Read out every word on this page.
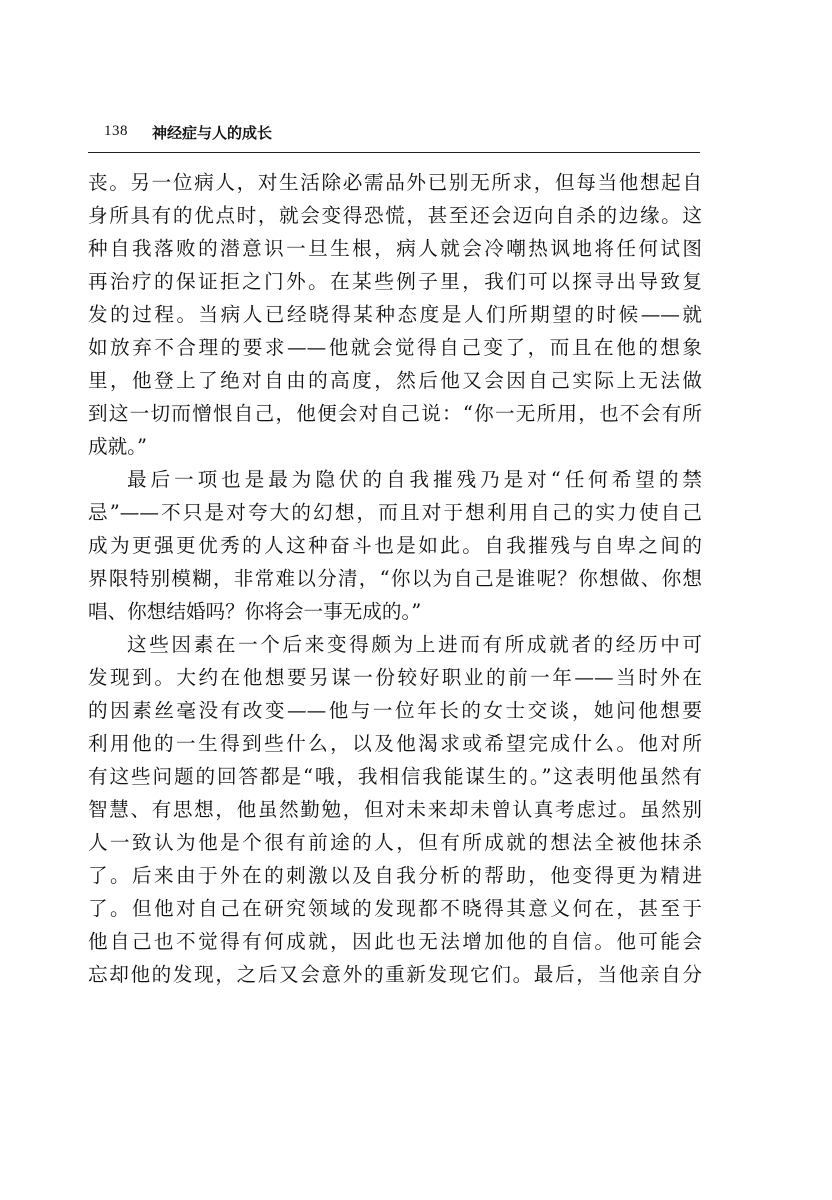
138 神经症与人的成长
丧。另一位病人，对生活除必需品外已别无所求，但每当他想起自
身所具有的优点时，就会变得恐慌，甚至还会迈向自杀的边缘。这
种自我落败的潜意识一旦生根，病人就会冷嘲热讽地将任何试图
再治疗的保证拒之门外。在某些例子里，我们可以探寻出导致复
发的过程。当病人已经晓得某种态度是人们所期望的时候——就
如放弃不合理的要求——他就会觉得自己变了，而且在他的想象
里，他登上了绝对自由的高度，然后他又会因自己实际上无法做
到这一切而憎恨自己，他便会对自己说：“你一无所用，也不会有所
成就。”
最后一项也是最为隐伏的自我摧残乃是对“任何希望的禁
忌”——不只是对夸大的幻想，而且对于想利用自己的实力使自己
成为更强更优秀的人这种奋斗也是如此。自我摧残与自卑之间的
界限特别模糊，非常难以分清，“你以为自己是谁呢？你想做、你想
唱、你想结婚吗？你将会一事无成的。”
这些因素在一个后来变得颇为上进而有所成就者的经历中可
发现到。大约在他想要另谋一份较好职业的前一年——当时外在
的因素丝毫没有改变——他与一位年长的女士交谈，她问他想要
利用他的一生得到些什么，以及他渴求或希望完成什么。他对所
有这些问题的回答都是“哦，我相信我能谋生的。”这表明他虽然有
智慧、有思想，他虽然勤勉，但对未来却未曾认真考虑过。虽然别
人一致认为他是个很有前途的人，但有所成就的想法全被他抹杀
了。后来由于外在的刺激以及自我分析的帮助，他变得更为精进
了。但他对自己在研究领域的发现都不晓得其意义何在，甚至于
他自己也不觉得有何成就，因此也无法增加他的自信。他可能会
忘却他的发现，之后又会意外的重新发现它们。最后，当他亲自分
